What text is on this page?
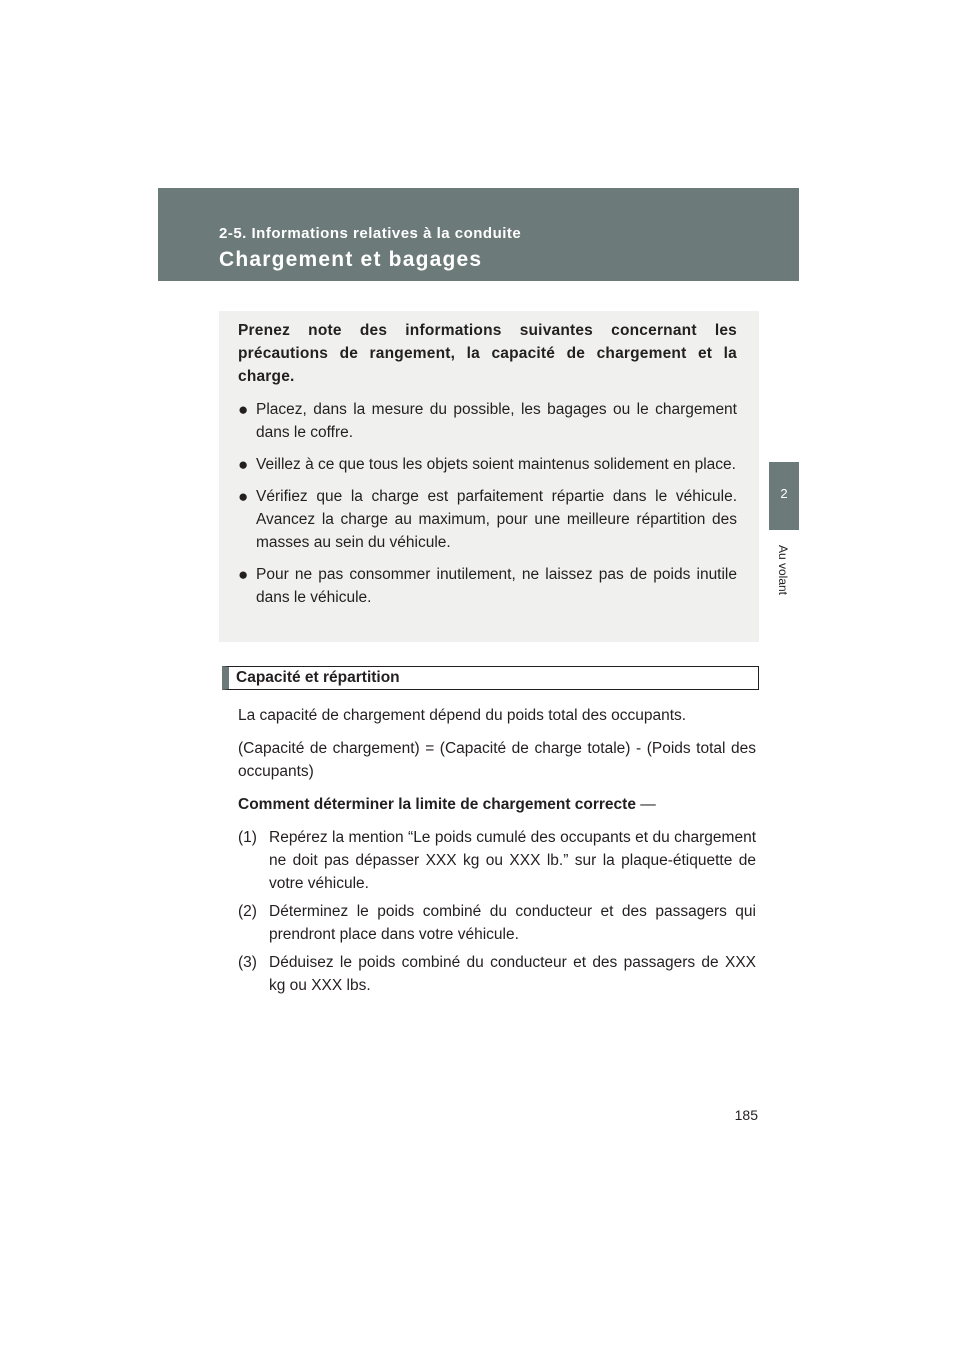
2-5. Informations relatives à la conduite
Chargement et bagages
2
Au volant

Prenez note des informations suivantes concernant les précautions de rangement, la capacité de chargement et la charge.

● Placez, dans la mesure du possible, les bagages ou le chargement dans le coffre.
● Veillez à ce que tous les objets soient maintenus solidement en place.
● Vérifiez que la charge est parfaitement répartie dans le véhicule. Avancez la charge au maximum, pour une meilleure répartition des masses au sein du véhicule.
● Pour ne pas consommer inutilement, ne laissez pas de poids inutile dans le véhicule.
Capacité et répartition

La capacité de chargement dépend du poids total des occupants.

(Capacité de chargement) = (Capacité de charge totale) - (Poids total des occupants)

Comment déterminer la limite de chargement correcte —

(1) Repérez la mention “Le poids cumulé des occupants et du chargement ne doit pas dépasser XXX kg ou XXX lb.” sur la plaque-étiquette de votre véhicule.
(2) Déterminez le poids combiné du conducteur et des passagers qui prendront place dans votre véhicule.
(3) Déduisez le poids combiné du conducteur et des passagers de XXX kg ou XXX lbs.
185
